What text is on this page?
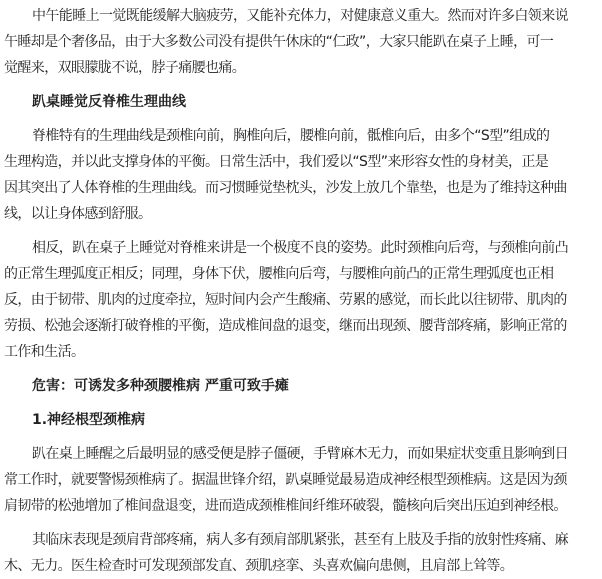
中午能睡上一觉既能缓解大脑疲劳，又能补充体力，对健康意义重大。然而对许多白领来说
午睡却是个奢侈品，由于大多数公司没有提供午休床的“仁政”，大家只能趴在桌子上睡，可一
觉醒来，双眼朦胧不说，脖子痛腰也痛。
趴桌睡觉反脊椎生理曲线
脊椎特有的生理曲线是颈椎向前，胸椎向后，腰椎向前，骶椎向后，由多个“S型”组成的
生理构造，并以此支撑身体的平衡。日常生活中，我们爱以“S型”来形容女性的身材美，正是
因其突出了人体脊椎的生理曲线。而习惯睡觉垫枕头，沙发上放几个靠垫，也是为了维持这种曲
线，以让身体感到舒服。
相反，趴在桌子上睡觉对脊椎来讲是一个极度不良的姿势。此时颈椎向后弯，与颈椎向前凸
的正常生理弧度正相反；同理，身体下伏，腰椎向后弯，与腰椎向前凸的正常生理弧度也正相
反，由于韧带、肌肉的过度牵拉，短时间内会产生酸痛、劳累的感觉，而长此以往韧带、肌肉的
劳损、松弛会逐渐打破脊椎的平衡，造成椎间盘的退变，继而出现颈、腰背部疼痛，影响正常的
工作和生活。
危害：可诱发多种颈腰椎病 严重可致手瘫
1.神经根型颈椎病
趴在桌上睡醒之后最明显的感受便是脖子僵硬，手臂麻木无力，而如果症状变重且影响到日
常工作时，就要警惕颈椎病了。据温世锋介绍，趴桌睡觉最易造成神经根型颈椎病。这是因为颈
肩韧带的松弛增加了椎间盘退变，进而造成颈椎椎间纤维环破裂，髓核向后突出压迫到神经根。
其临床表现是颈肩背部疼痛，病人多有颈肩部肌紧张，甚至有上肢及手指的放射性疼痛、麻
木、无力。医生检查时可发现颈部发直、颈肌痉挛、头喜欢偏向患侧，且肩部上耸等。
